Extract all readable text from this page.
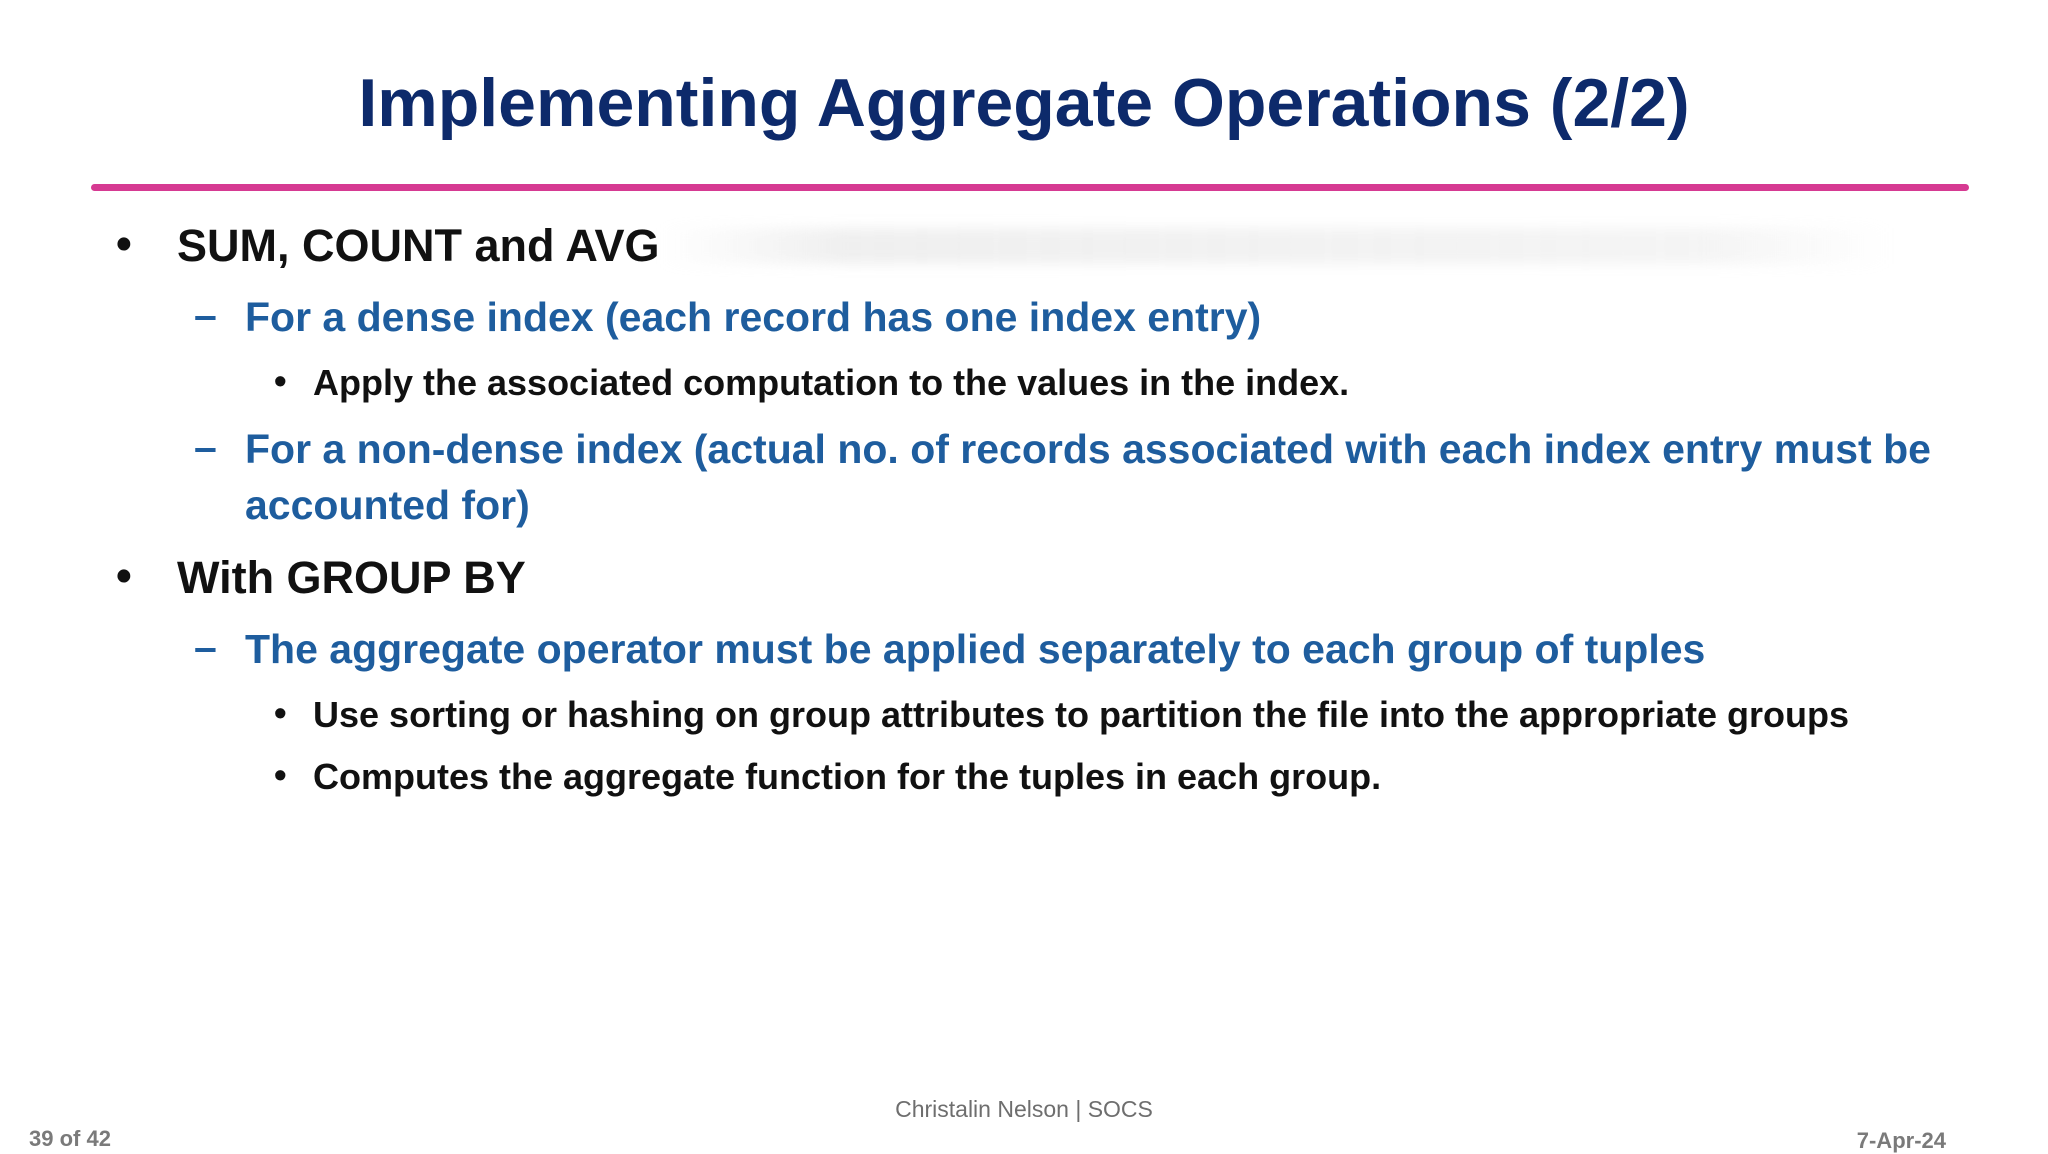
Implementing Aggregate Operations (2/2)
• SUM, COUNT and AVG
– For a dense index (each record has one index entry)
• Apply the associated computation to the values in the index.
– For a non-dense index (actual no. of records associated with each index entry must be
accounted for)
• With GROUP BY
– The aggregate operator must be applied separately to each group of tuples
• Use sorting or hashing on group attributes to partition the file into the appropriate groups
• Computes the aggregate function for the tuples in each group.
Christalin Nelson | SOCS
39 of 42	7-Apr-24
